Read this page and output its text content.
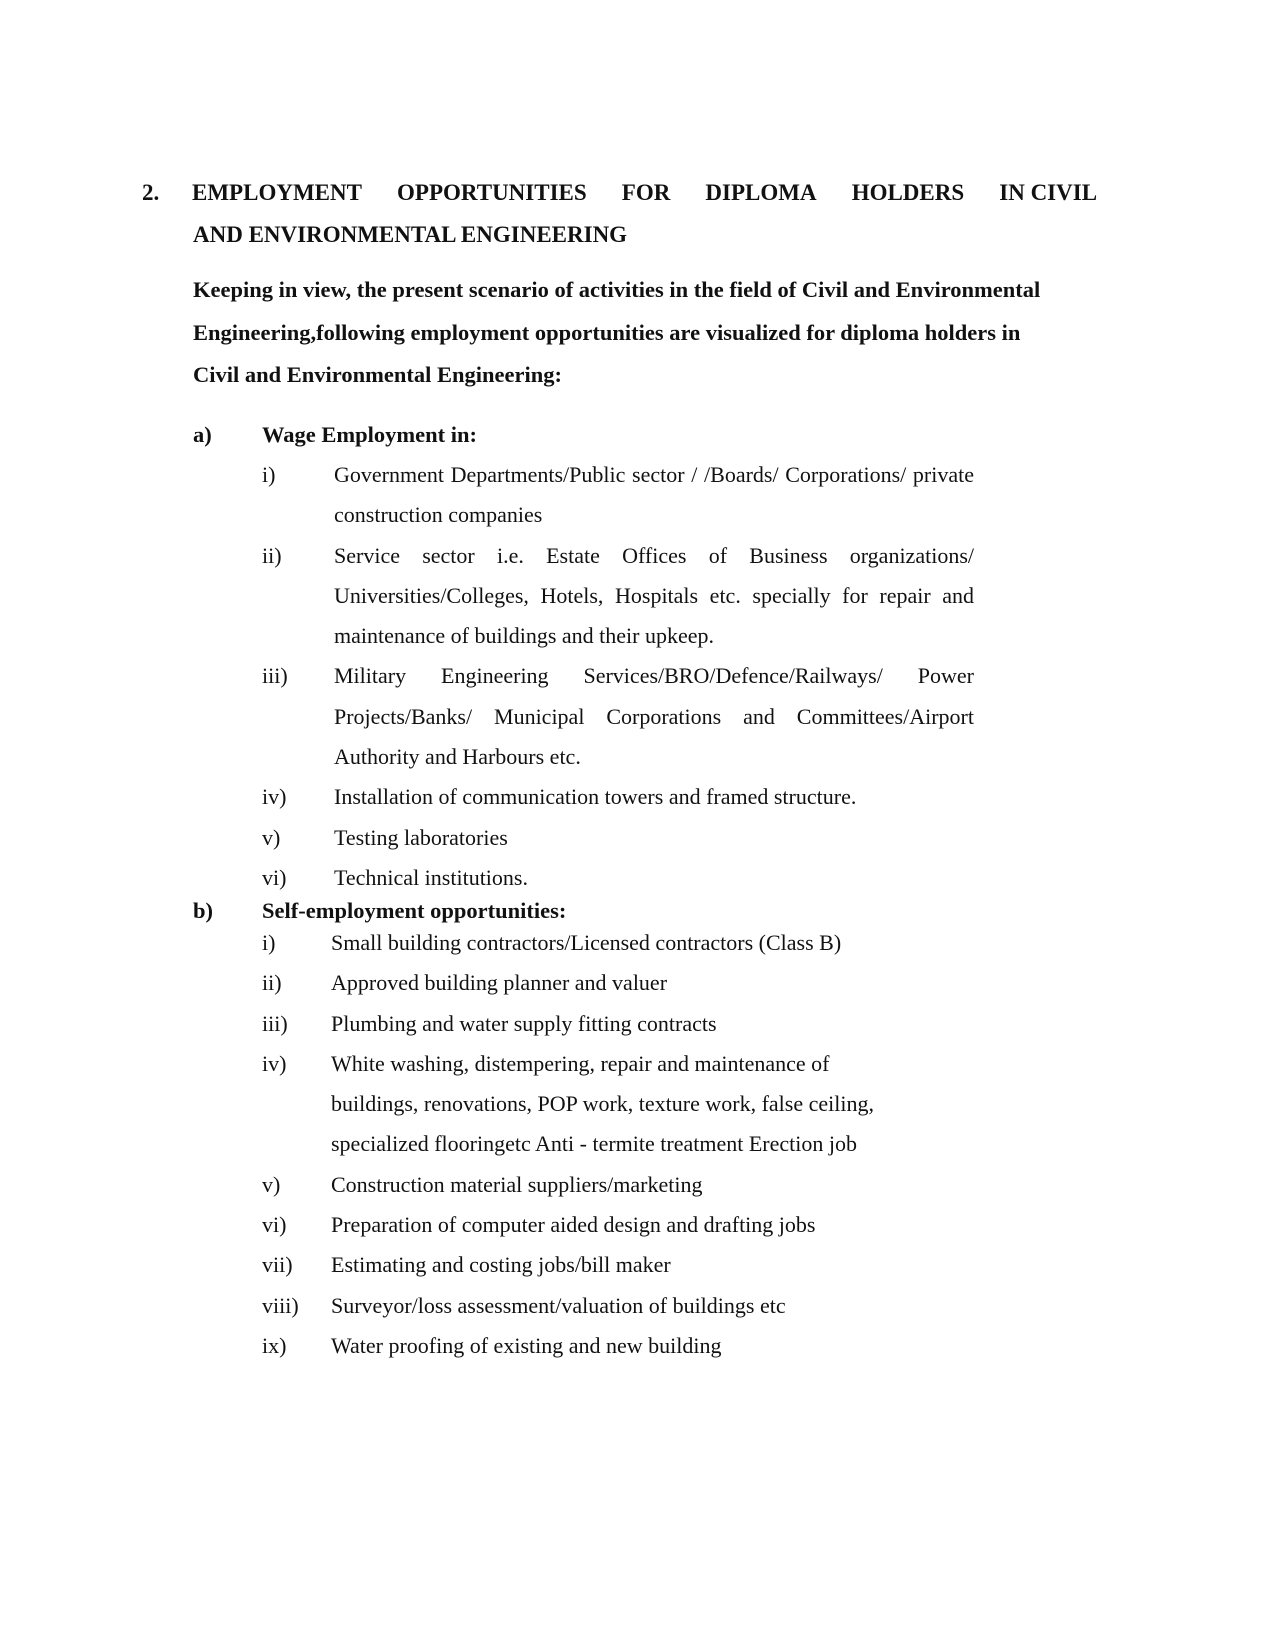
2. EMPLOYMENT OPPORTUNITIES FOR DIPLOMA HOLDERS IN CIVIL
AND ENVIRONMENTAL ENGINEERING
Keeping in view, the present scenario of activities in the field of Civil and Environmental
Engineering,following employment opportunities are visualized for diploma holders in
Civil and Environmental Engineering:
a) Wage Employment in:
i)	Government Departments/Public sector / /Boards/ Corporations/ private construction companies
ii) Service sector i.e. Estate Offices of Business organizations/ Universities/Colleges, Hotels, Hospitals etc. specially for repair and maintenance of buildings and their upkeep.
iii) Military Engineering Services/BRO/Defence/Railways/ Power Projects/Banks/ Municipal Corporations and Committees/Airport Authority and Harbours etc.
iv) Installation of communication towers and framed structure.
v) Testing laboratories
vi) Technical institutions.
b) Self-employment opportunities:
i)	Small building contractors/Licensed contractors (Class B)
ii) Approved building planner and valuer
iii) Plumbing and water supply fitting contracts
iv) White washing, distempering, repair and maintenance of buildings, renovations, POP work, texture work, false ceiling, specialized flooringetc Anti - termite treatment Erection job
v) Construction material suppliers/marketing
vi) Preparation of computer aided design and drafting jobs
vii) Estimating and costing jobs/bill maker
viii) Surveyor/loss assessment/valuation of buildings etc
ix) Water proofing of existing and new building
